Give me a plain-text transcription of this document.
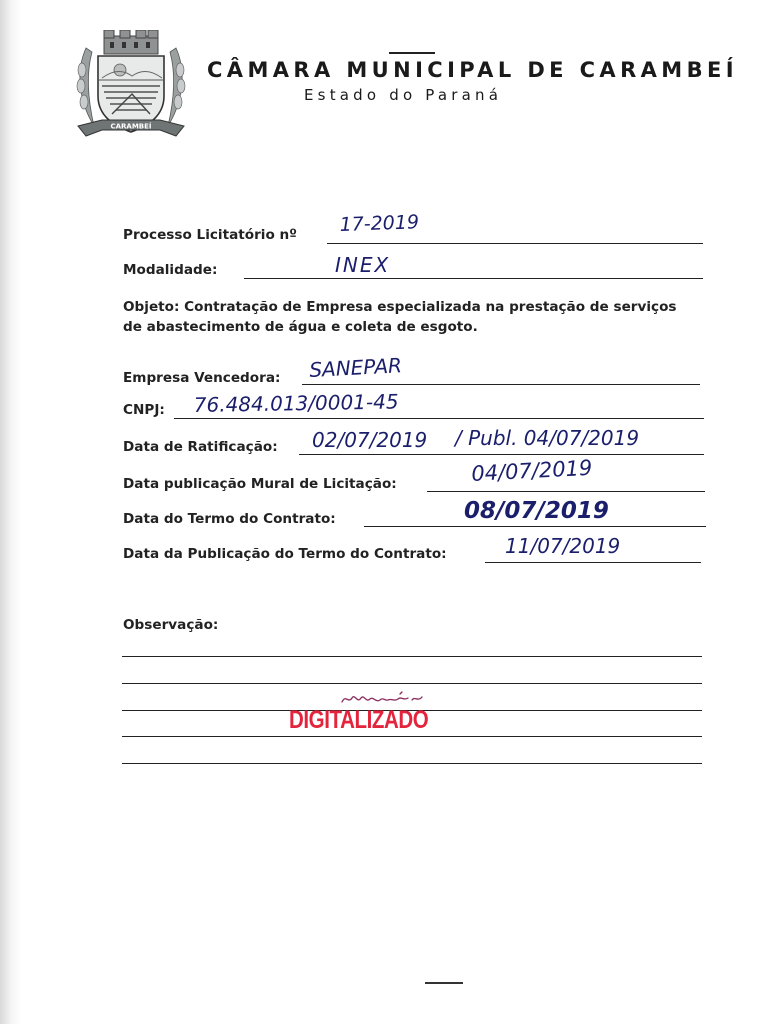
CARAMBEÍ
CÂMARA MUNICIPAL DE CARAMBEÍ
Estado do Paraná
Processo Licitatório nº 17-2019
Modalidade:	INEX
Objeto: Contratação de Empresa especializada na prestação de serviços de abastecimento de água e coleta de esgoto.
Empresa Vencedora: SANEPAR
CNPJ: 76.484.013/0001-45
Data de Ratificação: 02/07/2019 / Publ. 04/07/2019
Data publicação Mural de Licitação:	04/07/2019
Data do Termo do Contrato:	08/07/2019
Data da Publicação do Termo do Contrato:	11/07/2019
Observação:
DIGITALIZADO
